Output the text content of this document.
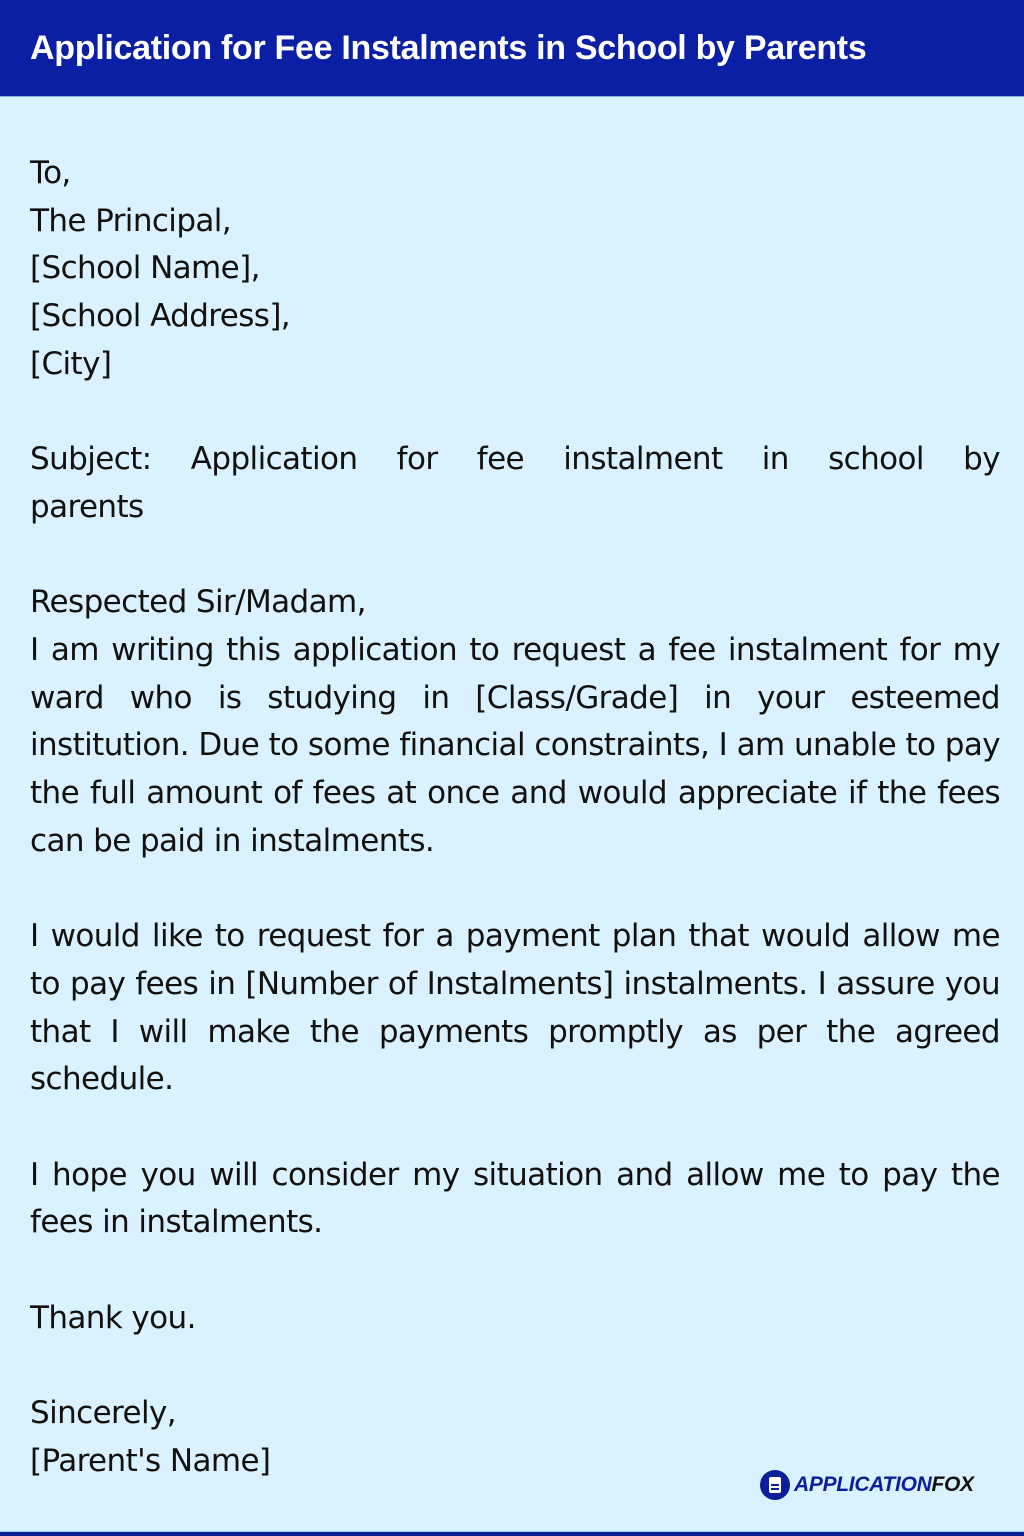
Application for Fee Instalments in School by Parents
To,
The Principal,
[School Name],
[School Address],
[City]
Subject: Application for fee instalment in school by parents
Respected Sir/Madam,
I am writing this application to request a fee instalment for my ward who is studying in [Class/Grade] in your esteemed institution. Due to some financial constraints, I am unable to pay the full amount of fees at once and would appreciate if the fees can be paid in instalments.
I would like to request for a payment plan that would allow me to pay fees in [Number of Instalments] instalments. I assure you that I will make the payments promptly as per the agreed schedule.
I hope you will consider my situation and allow me to pay the fees in instalments.
Thank you.
Sincerely,
[Parent's Name]
APPLICATIONFOX
